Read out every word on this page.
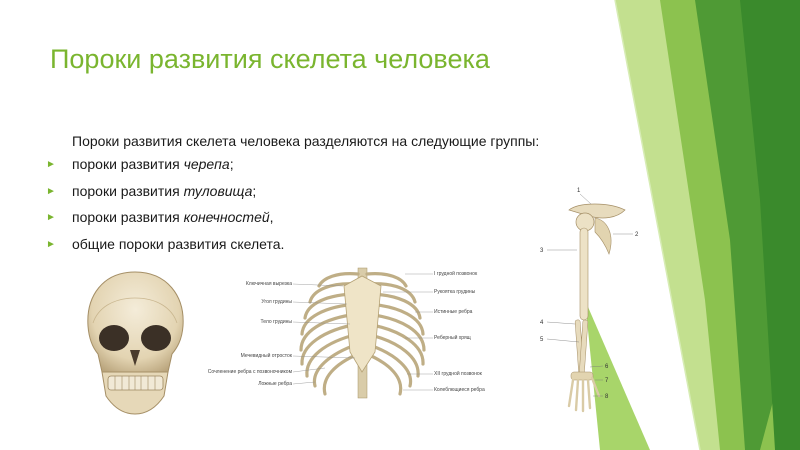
Пороки развития скелета человека
Пороки развития скелета человека разделяются на следующие группы:
► пороки развития черепа;
► пороки развития туловища;
► пороки развития конечностей,
► общие пороки развития скелета.
Ключичная вырезка
Угол грудины
Тело грудины
Мечевидный отросток
Сочленение ребра с позвоночником
Ложные ребра
I грудной позвонок
Рукоятка грудины
Истинные ребра
Реберный хрящ
XII грудной позвонок
Колеблющиеся ребра
1
2
3
4
5
6
7
8
